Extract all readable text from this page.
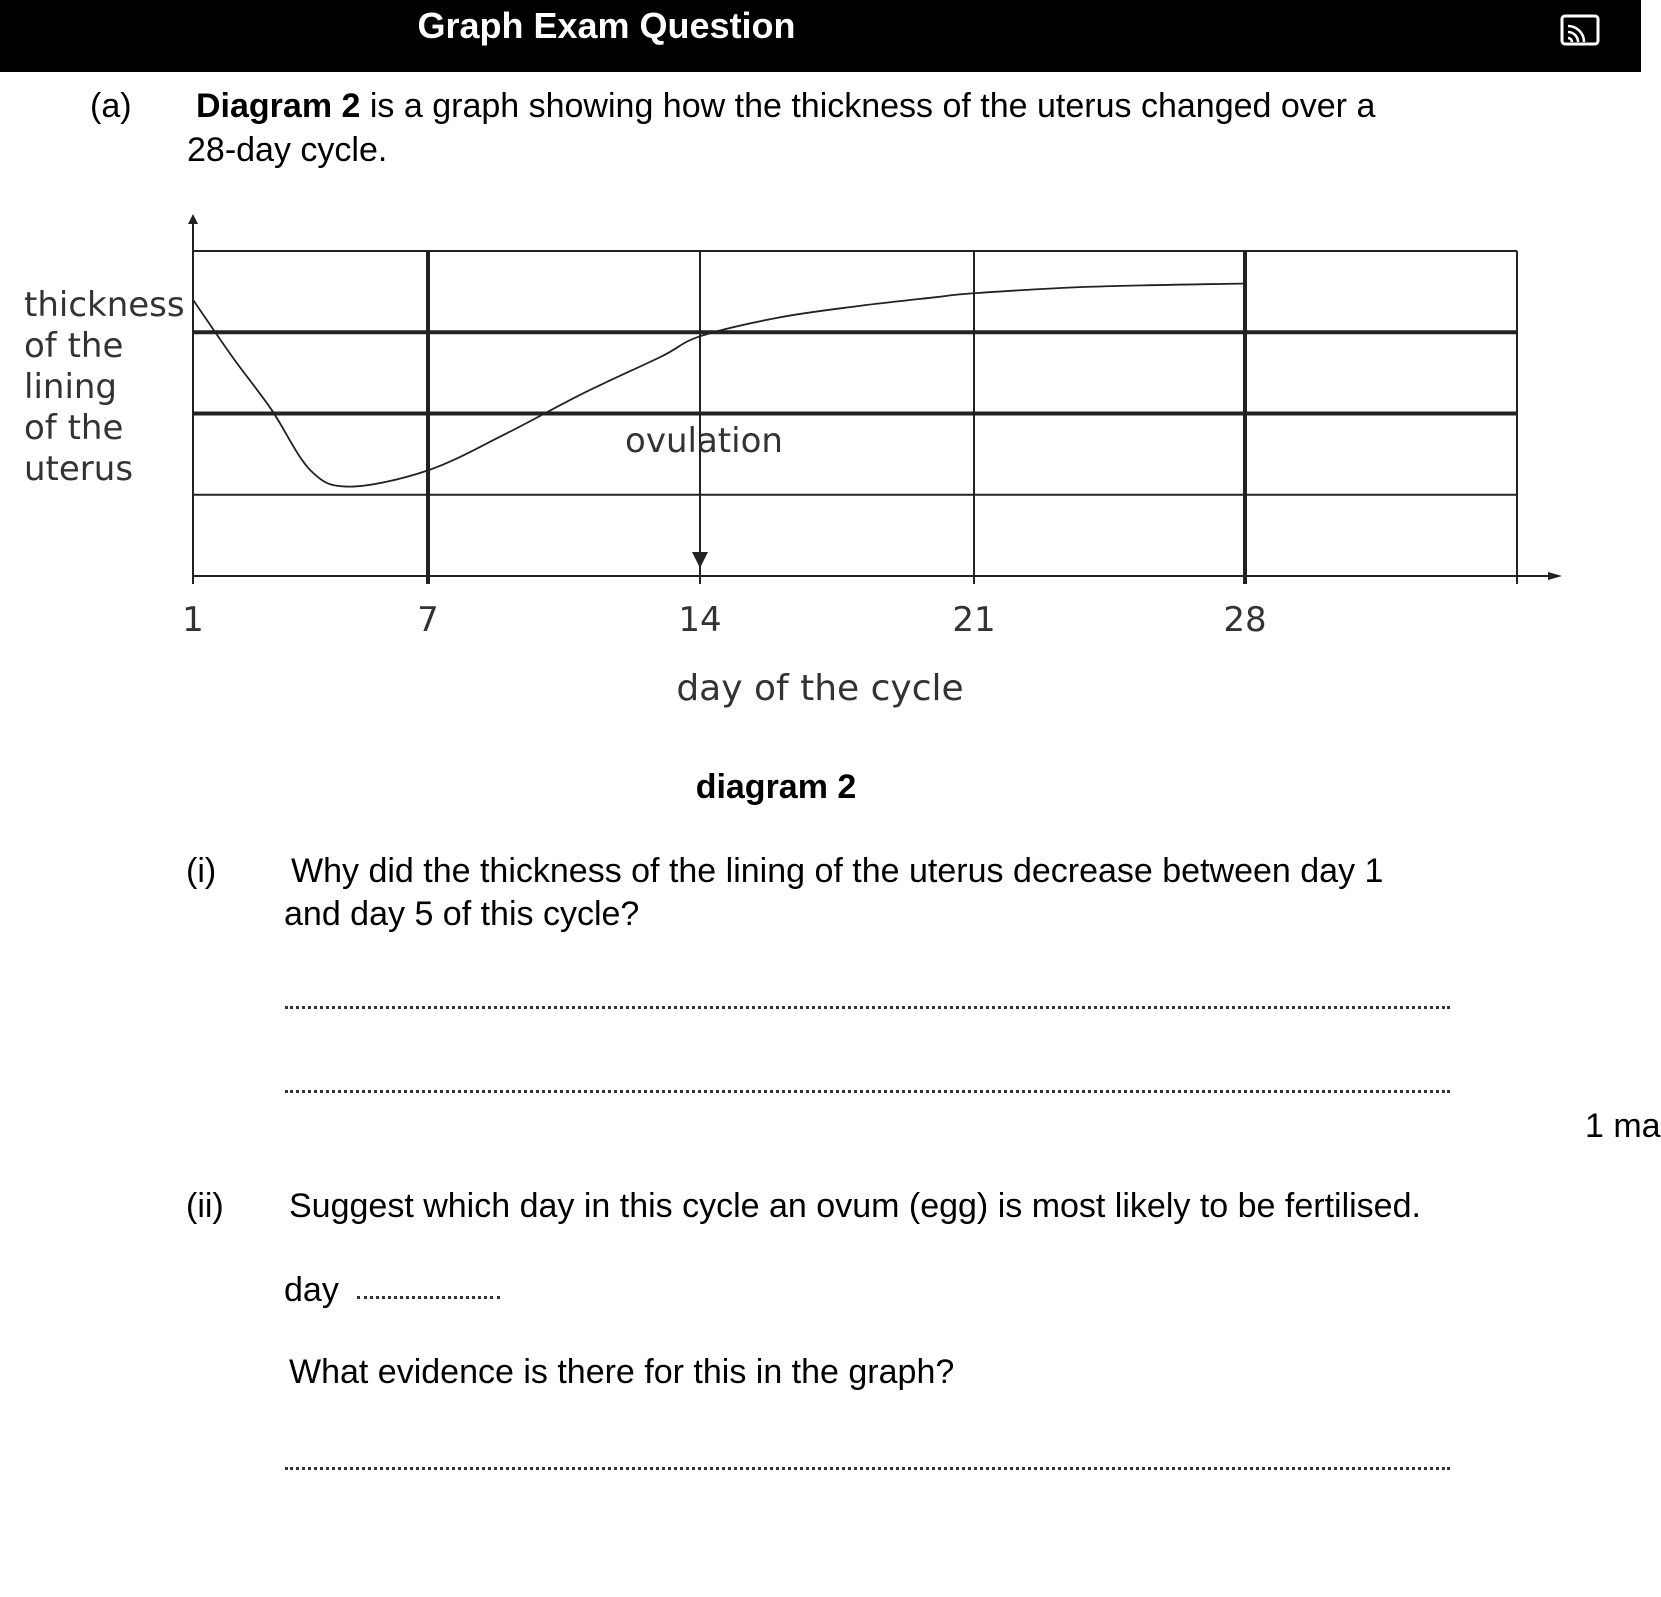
Graph Exam Question
(a) Diagram 2 is a graph showing how the thickness of the uterus changed over a
28-day cycle.
ovulation
1	7	14	21	28
day of the cycle
thickness
of the
lining
of the
uterus
diagram 2
(i) Why did the thickness of the lining of the uterus decrease between day 1
and day 5 of this cycle?
1 ma
(ii) Suggest which day in this cycle an ovum (egg) is most likely to be fertilised.
day
What evidence is there for this in the graph?
